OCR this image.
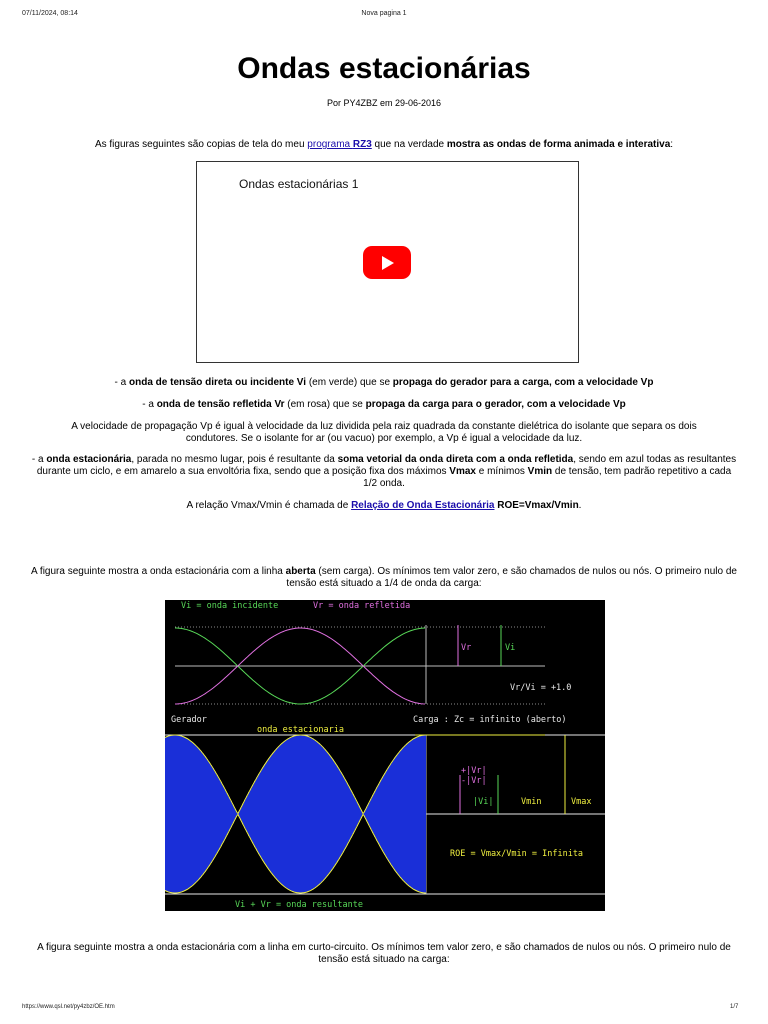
07/11/2024, 08:14	Nova pagina 1
Ondas estacionárias
Por PY4ZBZ em 29-06-2016
As figuras seguintes são copias de tela do meu programa RZ3 que na verdade mostra as ondas de forma animada e interativa:
Ondas estacionárias 1
- a onda de tensão direta ou incidente Vi (em verde) que se propaga do gerador para a carga, com a velocidade Vp
- a onda de tensão refletida Vr (em rosa) que se propaga da carga para o gerador, com a velocidade Vp
A velocidade de propagação Vp é igual à velocidade da luz dividida pela raiz quadrada da constante dielétrica do isolante que separa os dois
condutores. Se o isolante for ar (ou vacuo) por exemplo, a Vp é igual a velocidade da luz.
- a onda estacionária, parada no mesmo lugar, pois é resultante da soma vetorial da onda direta com a onda refletida, sendo em azul todas as resultantes durante um ciclo, e em amarelo a sua envoltória fixa, sendo que a posição fixa dos máximos Vmax e mínimos Vmin de tensão, tem padrão repetitivo a cada 1/2 onda.
A relação Vmax/Vmin é chamada de Relação de Onda Estacionária ROE=Vmax/Vmin.
A figura seguinte mostra a onda estacionária com a linha aberta (sem carga). Os mínimos tem valor zero, e são chamados de nulos ou nós. O primeiro nulo de tensão está situado a 1/4 de onda da carga:
Vi = onda incidente	Vr = onda refletida
Vr	Vi
Vr/Vi = +1.0
Gerador	Carga : Zc = infinito (aberto)
onda estacionaria
+|Vr|
-|Vr|
|Vi|	Vmin	Vmax
ROE = Vmax/Vmin = Infinita
Vi + Vr = onda resultante
A figura seguinte mostra a onda estacionária com a linha em curto-circuito. Os mínimos tem valor zero, e são chamados de nulos ou nós. O primeiro nulo de tensão está situado na carga:
https://www.qsl.net/py4zbz/OE.htm	1/7
